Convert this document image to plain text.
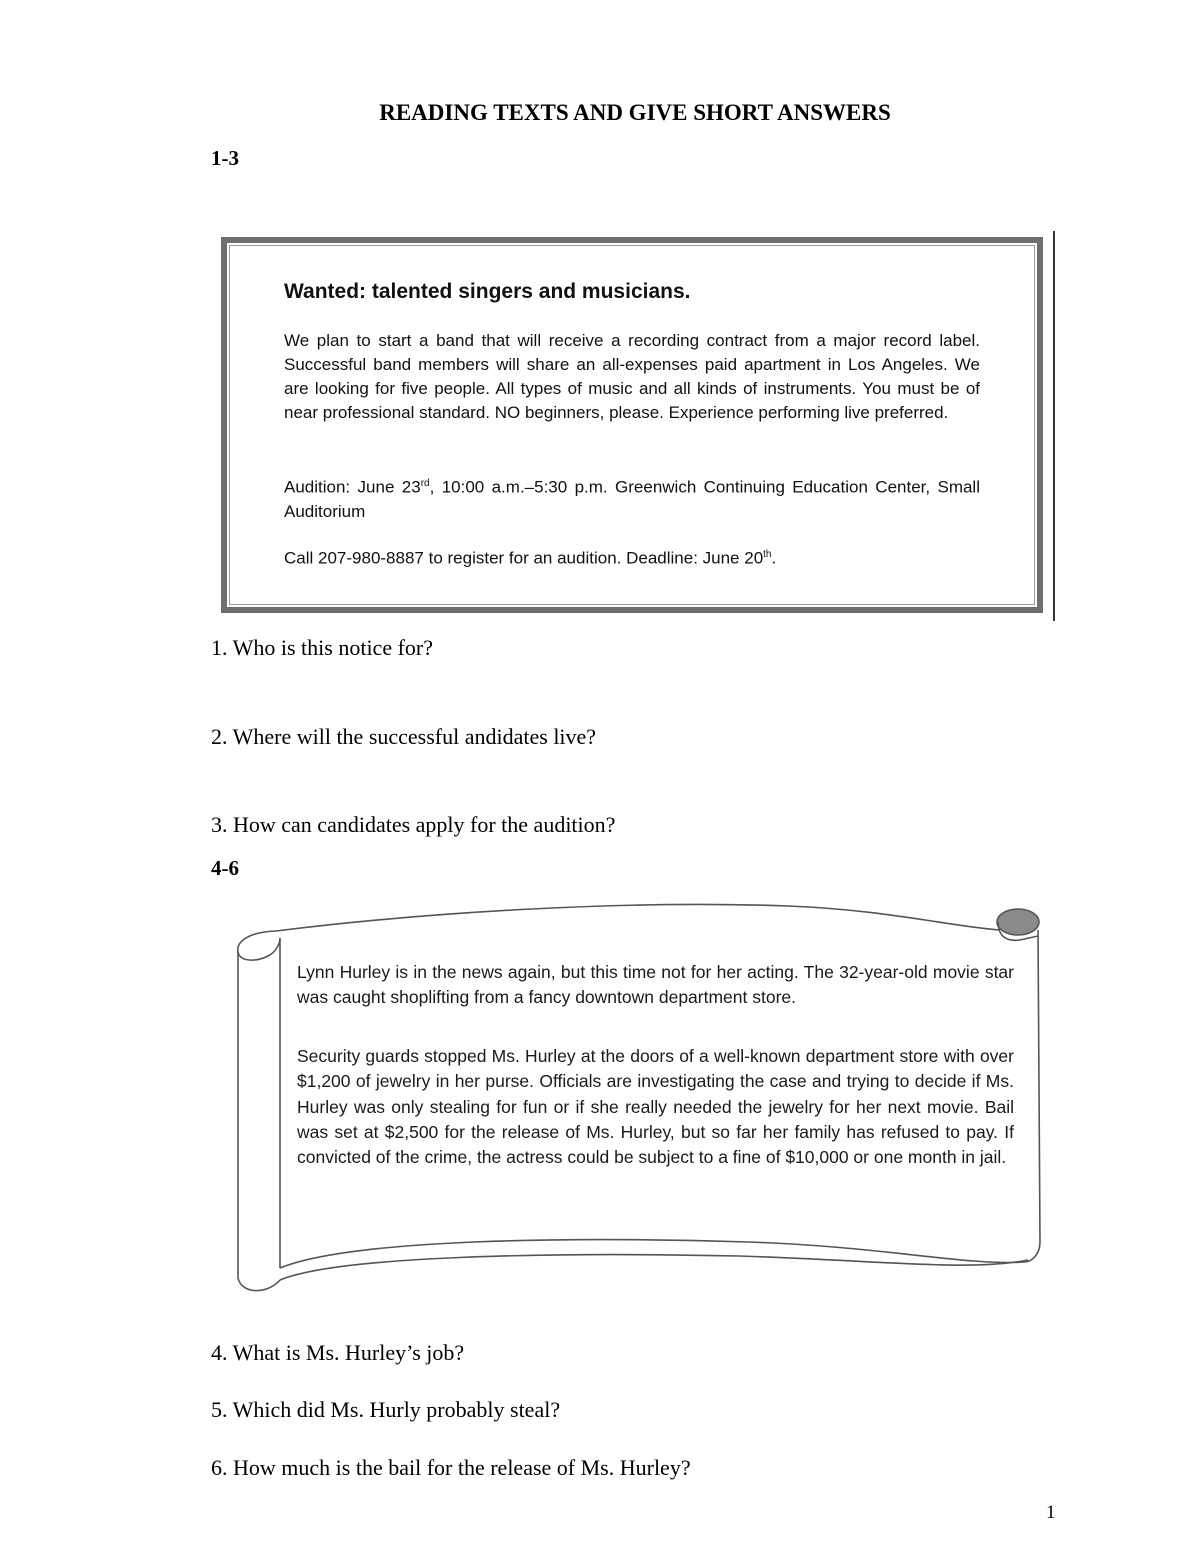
READING TEXTS AND GIVE SHORT ANSWERS
1-3
Wanted: talented singers and musicians.
We plan to start a band that will receive a recording contract from a major record label. Successful band members will share an all-expenses paid apartment in Los Angeles. We are looking for five people. All types of music and all kinds of instruments. You must be of near professional standard. NO beginners, please. Experience performing live preferred.
Audition: June 23rd, 10:00 a.m.–5:30 p.m. Greenwich Continuing Education Center, Small Auditorium
Call 207-980-8887 to register for an audition. Deadline: June 20th.
1. Who is this notice for?
2. Where will the successful andidates live?
3. How can candidates apply for the audition?
4-6
Lynn Hurley is in the news again, but this time not for her acting. The 32-year-old movie star was caught shoplifting from a fancy downtown department store.
Security guards stopped Ms. Hurley at the doors of a well-known department store with over $1,200 of jewelry in her purse. Officials are investigating the case and trying to decide if Ms. Hurley was only stealing for fun or if she really needed the jewelry for her next movie. Bail was set at $2,500 for the release of Ms. Hurley, but so far her family has refused to pay. If convicted of the crime, the actress could be subject to a fine of $10,000 or one month in jail.
4. What is Ms. Hurley’s job?
5. Which did Ms. Hurly probably steal?
6. How much is the bail for the release of Ms. Hurley?
1
